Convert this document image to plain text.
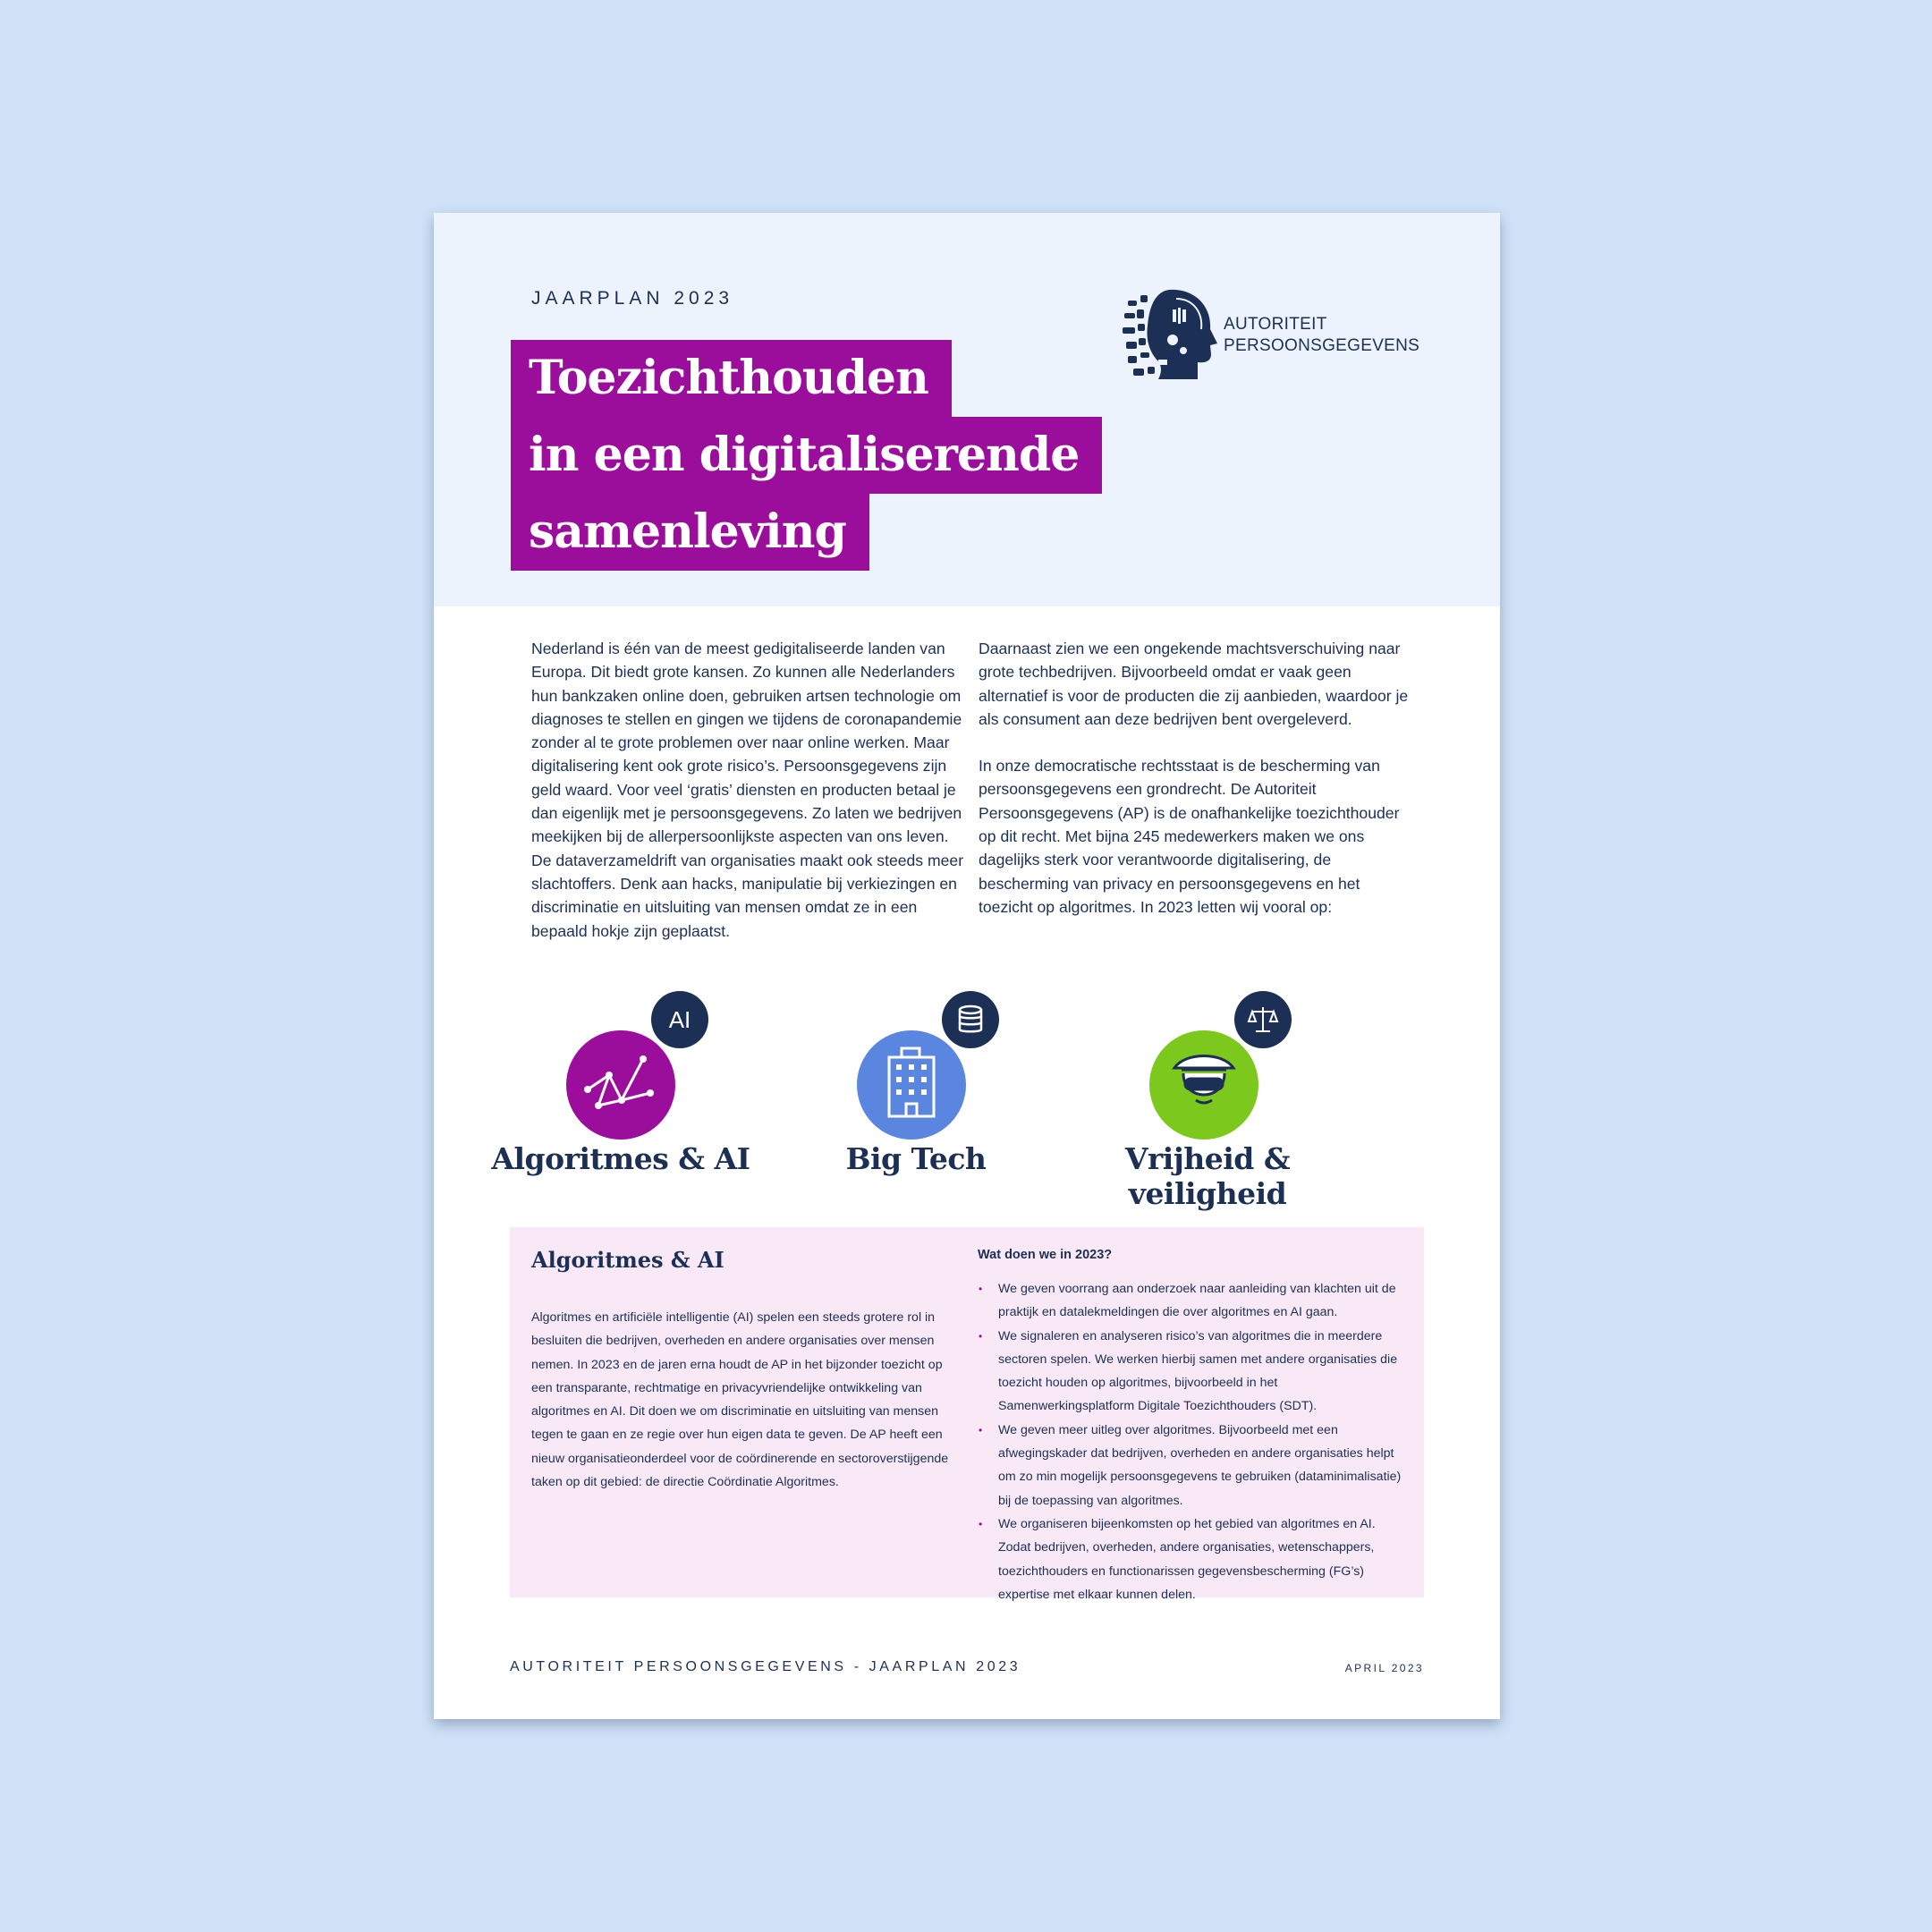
JAARPLAN 2023
Toezichthouden
in een digitaliserende
samenleving
AUTORITEIT
PERSOONSGEGEVENS

Nederland is één van de meest gedigitaliseerde landen van Europa. Dit biedt grote kansen. Zo kunnen alle Nederlanders hun bankzaken online doen, gebruiken artsen technologie om diagnoses te stellen en gingen we tijdens de coronapandemie zonder al te grote problemen over naar online werken. Maar digitalisering kent ook grote risico’s. Persoonsgegevens zijn geld waard. Voor veel ‘gratis’ diensten en producten betaal je dan eigenlijk met je persoonsgegevens. Zo laten we bedrijven meekijken bij de allerpersoonlijkste aspecten van ons leven. De dataverzameldrift van organisaties maakt ook steeds meer slachtoffers. Denk aan hacks, manipulatie bij verkiezingen en discriminatie en uitsluiting van mensen omdat ze in een bepaald hokje zijn geplaatst.

Daarnaast zien we een ongekende machtsverschuiving naar grote techbedrijven. Bijvoorbeeld omdat er vaak geen alternatief is voor de producten die zij aanbieden, waardoor je als consument aan deze bedrijven bent overgeleverd.

In onze democratische rechtsstaat is de bescherming van persoonsgegevens een grondrecht. De Autoriteit Persoonsgegevens (AP) is de onafhankelijke toezichthouder op dit recht. Met bijna 245 medewerkers maken we ons dagelijks sterk voor verantwoorde digitalisering, de bescherming van privacy en persoonsgegevens en het toezicht op algoritmes. In 2023 letten wij vooral op:

AI
Algoritmes & AI	Big Tech	Vrijheid & veiligheid
Algoritmes & AI
Algoritmes en artificiële intelligentie (AI) spelen een steeds grotere rol in besluiten die bedrijven, overheden en andere organisaties over mensen nemen. In 2023 en de jaren erna houdt de AP in het bijzonder toezicht op een transparante, rechtmatige en privacyvriendelijke ontwikkeling van algoritmes en AI. Dit doen we om discriminatie en uitsluiting van mensen tegen te gaan en ze regie over hun eigen data te geven. De AP heeft een nieuw organisatieonderdeel voor de coördinerende en sectoroverstijgende taken op dit gebied: de directie Coördinatie Algoritmes.
Wat doen we in 2023?
• We geven voorrang aan onderzoek naar aanleiding van klachten uit de praktijk en datalekmeldingen die over algoritmes en AI gaan.
• We signaleren en analyseren risico’s van algoritmes die in meerdere sectoren spelen. We werken hierbij samen met andere organisaties die toezicht houden op algoritmes, bijvoorbeeld in het Samenwerkingsplatform Digitale Toezichthouders (SDT).
• We geven meer uitleg over algoritmes. Bijvoorbeeld met een afwegingskader dat bedrijven, overheden en andere organisaties helpt om zo min mogelijk persoonsgegevens te gebruiken (dataminimalisatie) bij de toepassing van algoritmes.
• We organiseren bijeenkomsten op het gebied van algoritmes en AI. Zodat bedrijven, overheden, andere organisaties, wetenschappers, toezichthouders en functionarissen gegevensbescherming (FG’s) expertise met elkaar kunnen delen.
AUTORITEIT PERSOONSGEGEVENS - JAARPLAN 2023	APRIL 2023
